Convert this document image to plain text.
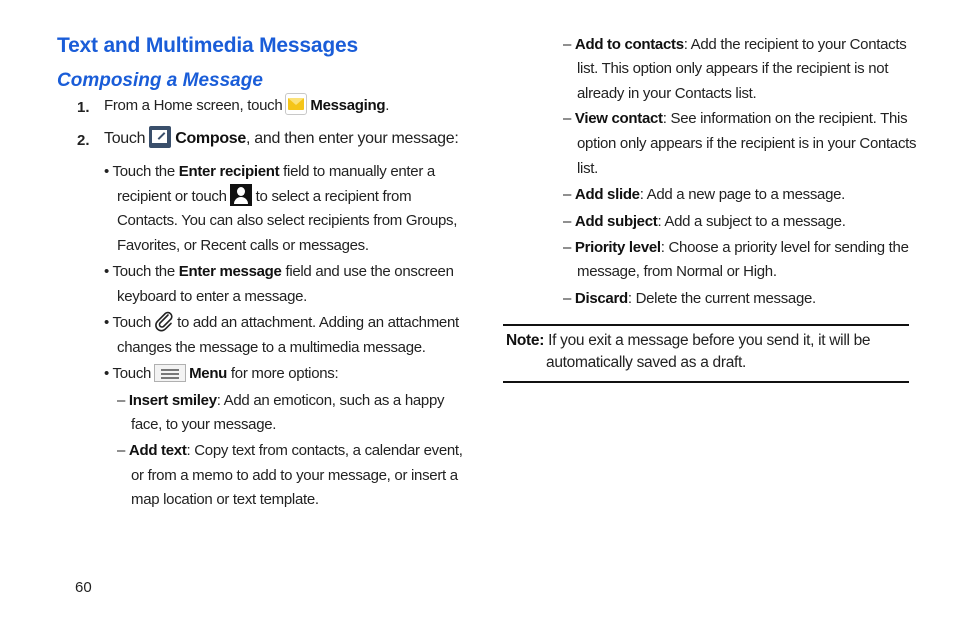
Text and Multimedia Messages
Composing a Message
1. From a Home screen, touch Messaging.
2. Touch Compose, and then enter your message:
• Touch the Enter recipient field to manually enter a
recipient or touch to select a recipient from
Contacts. You can also select recipients from Groups,
Favorites, or Recent calls or messages.
• Touch the Enter message field and use the onscreen
keyboard to enter a message.
• Touch to add an attachment. Adding an attachment
changes the message to a multimedia message.
• Touch	Menu for more options:
– Insert smiley: Add an emoticon, such as a happy
face, to your message.
– Add text: Copy text from contacts, a calendar event,
or from a memo to add to your message, or insert a
map location or text template.
– Add to contacts: Add the recipient to your Contacts
list. This option only appears if the recipient is not
already in your Contacts list.
– View contact: See information on the recipient. This
option only appears if the recipient is in your Contacts
list.
– Add slide: Add a new page to a message.
– Add subject: Add a subject to a message.
– Priority level: Choose a priority level for sending the
message, from Normal or High.
– Discard: Delete the current message.
Note: If you exit a message before you send it, it will be
automatically saved as a draft.
60
